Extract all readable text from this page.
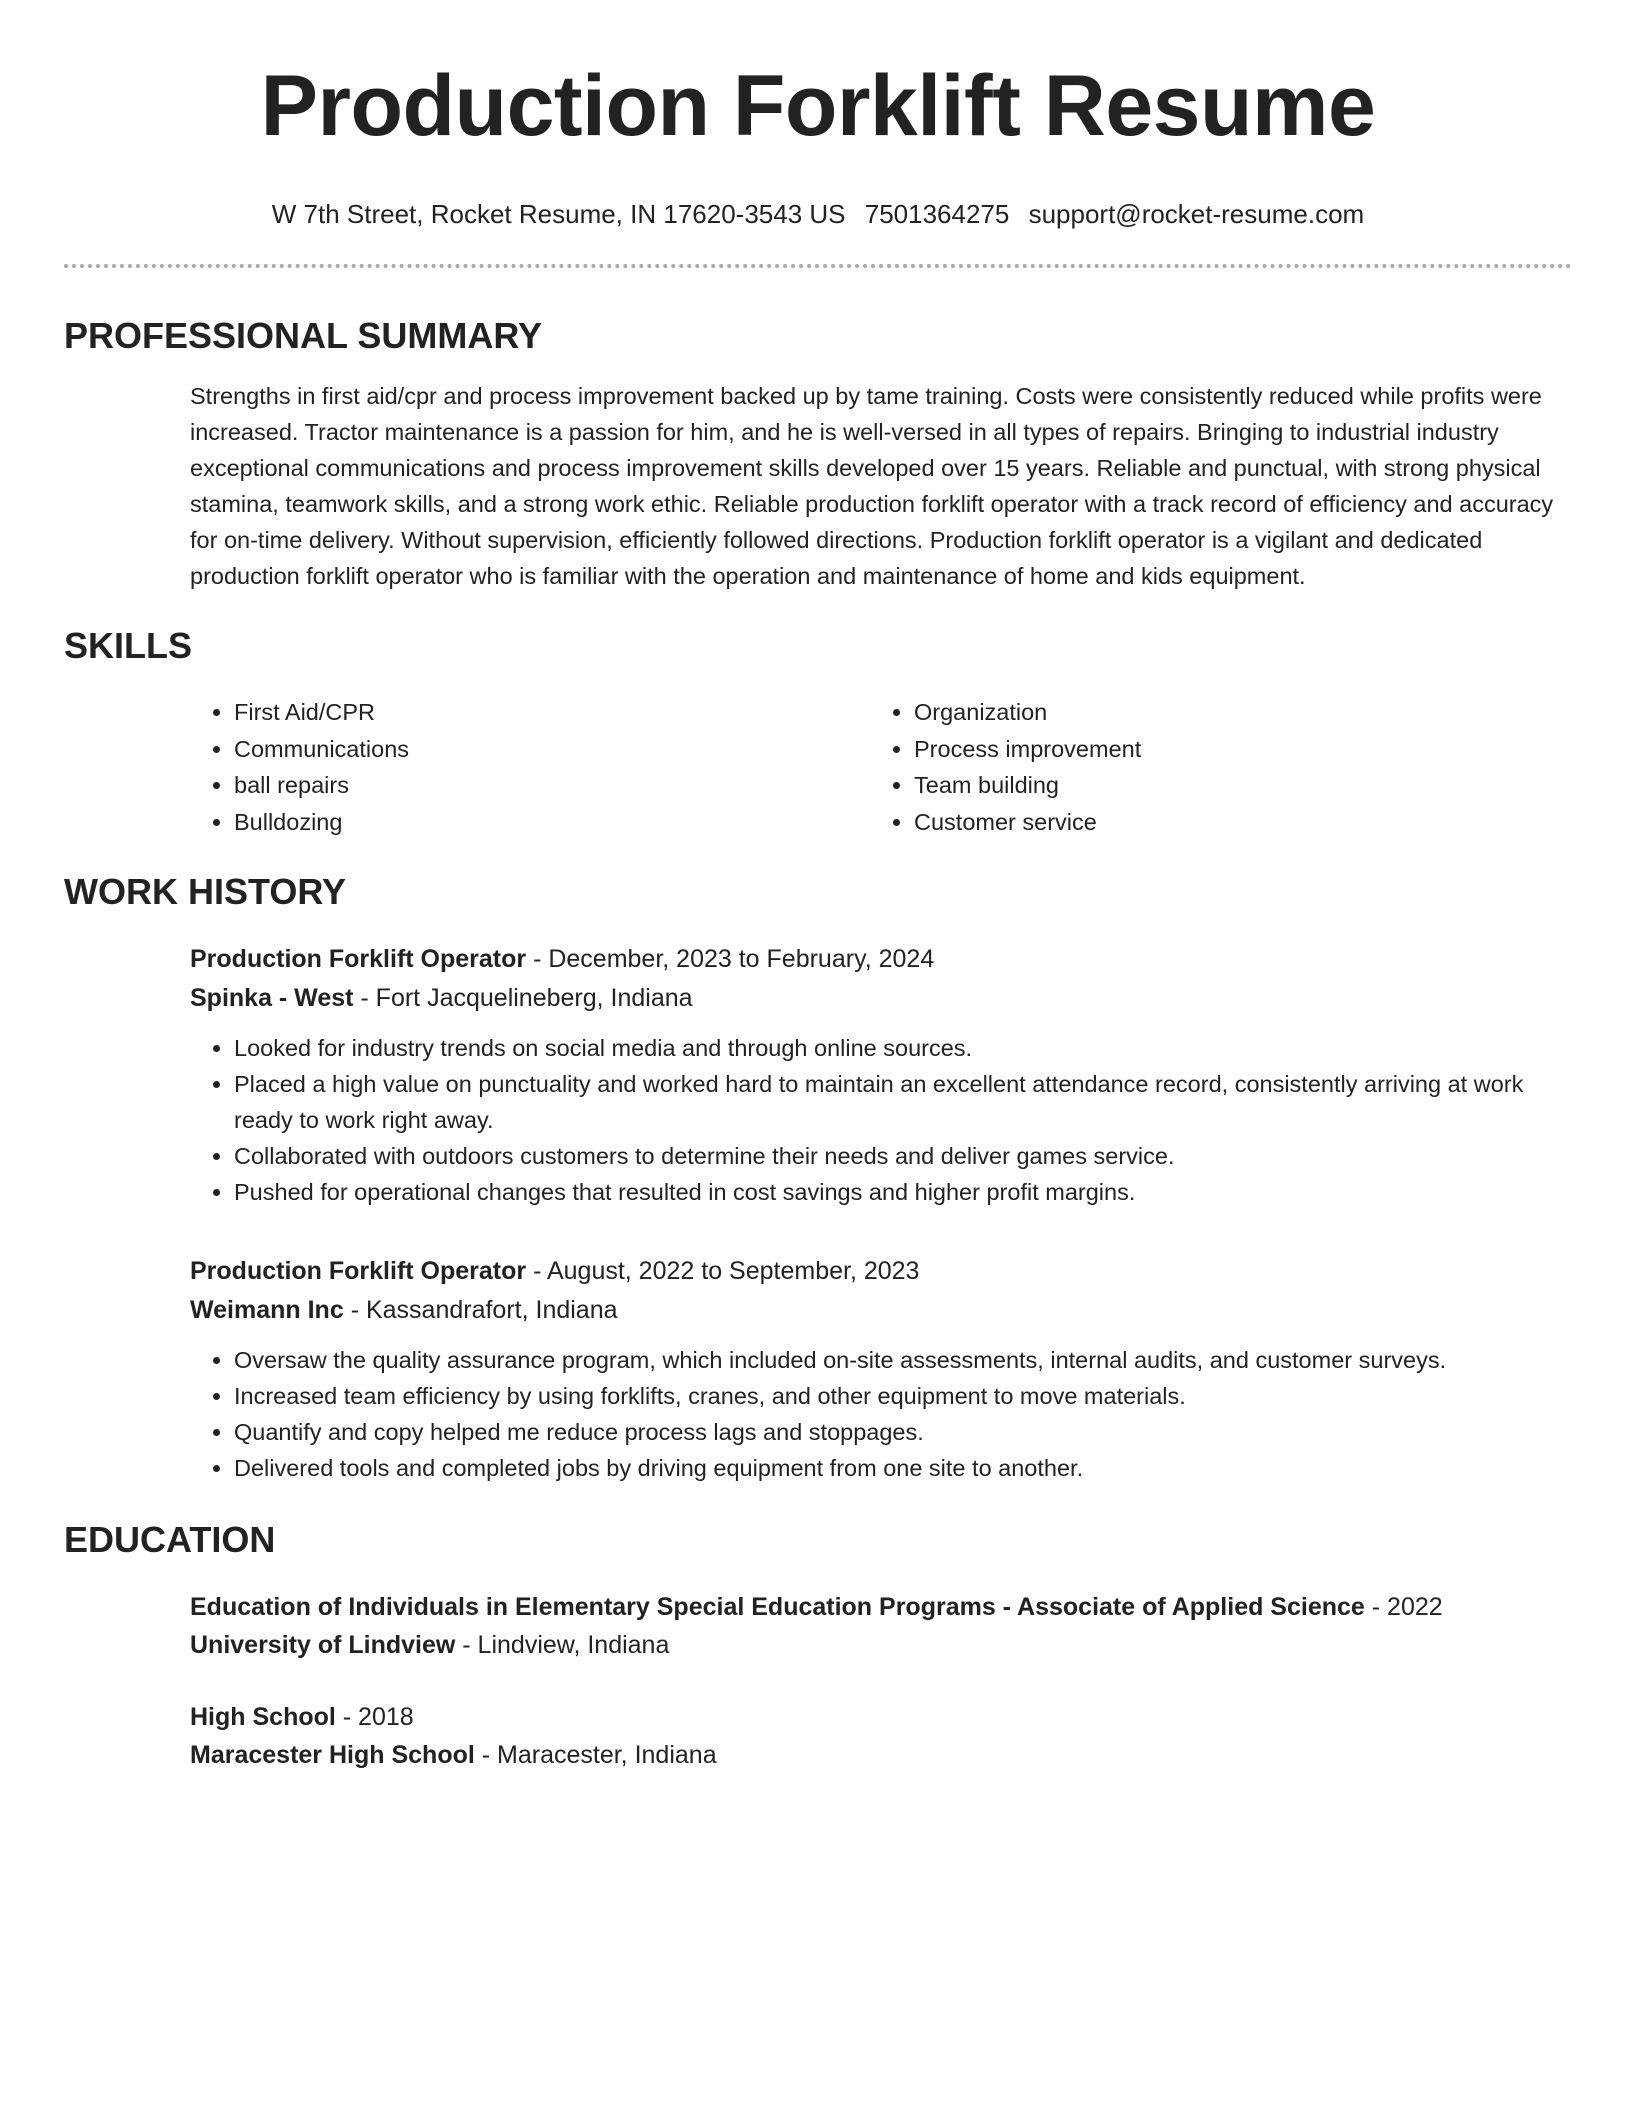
Production Forklift Resume
W 7th Street, Rocket Resume, IN 17620-3543 US 7501364275 support@rocket-resume.com
PROFESSIONAL SUMMARY
Strengths in first aid/cpr and process improvement backed up by tame training. Costs were consistently reduced while profits were increased. Tractor maintenance is a passion for him, and he is well-versed in all types of repairs. Bringing to industrial industry exceptional communications and process improvement skills developed over 15 years. Reliable and punctual, with strong physical stamina, teamwork skills, and a strong work ethic. Reliable production forklift operator with a track record of efficiency and accuracy for on-time delivery. Without supervision, efficiently followed directions. Production forklift operator is a vigilant and dedicated production forklift operator who is familiar with the operation and maintenance of home and kids equipment.
SKILLS
• First Aid/CPR
• Communications
• ball repairs
• Bulldozing
• Organization
• Process improvement
• Team building
• Customer service
WORK HISTORY
Production Forklift Operator - December, 2023 to February, 2024
Spinka - West - Fort Jacquelineberg, Indiana
• Looked for industry trends on social media and through online sources.
• Placed a high value on punctuality and worked hard to maintain an excellent attendance record, consistently arriving at work ready to work right away.
• Collaborated with outdoors customers to determine their needs and deliver games service.
• Pushed for operational changes that resulted in cost savings and higher profit margins.
Production Forklift Operator - August, 2022 to September, 2023
Weimann Inc - Kassandrafort, Indiana
• Oversaw the quality assurance program, which included on-site assessments, internal audits, and customer surveys.
• Increased team efficiency by using forklifts, cranes, and other equipment to move materials.
• Quantify and copy helped me reduce process lags and stoppages.
• Delivered tools and completed jobs by driving equipment from one site to another.
EDUCATION
Education of Individuals in Elementary Special Education Programs - Associate of Applied Science - 2022
University of Lindview - Lindview, Indiana
High School - 2018
Maracester High School - Maracester, Indiana
